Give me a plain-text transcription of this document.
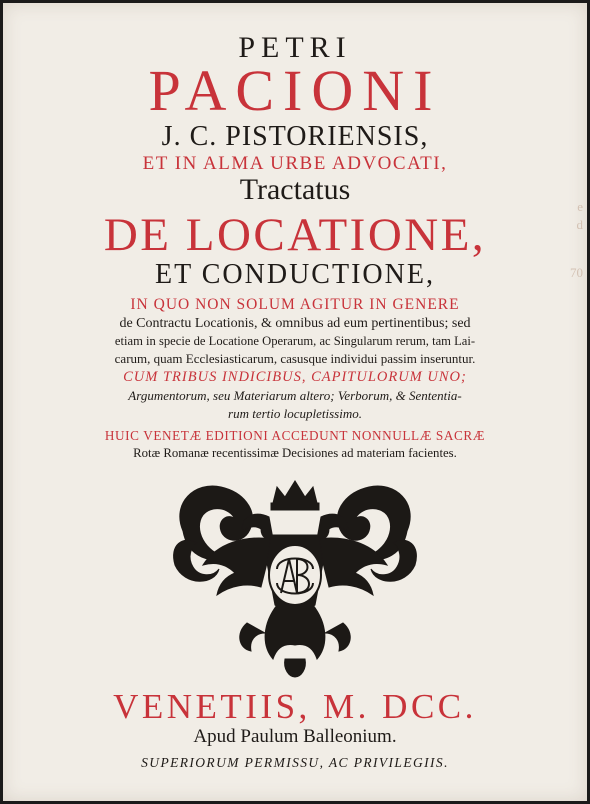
e
d
70
PETRI
PACIONI
J. C. PISTORIENSIS,
ET IN ALMA URBE ADVOCATI,
Tractatus
DE LOCATIONE,
ET CONDUCTIONE,
IN QUO NON SOLUM AGITUR IN GENERE
de Contractu Locationis, & omnibus ad eum pertinentibus; sed
etiam in specie de Locatione Operarum, ac Singularum rerum, tam Lai-
carum, quam Ecclesiasticarum, casusque individui passim inseruntur.
CUM TRIBUS INDICIBUS, CAPITULORUM UNO;
Argumentorum, seu Materiarum altero; Verborum, & Sententia-
rum tertio locupletissimo.
HUIC VENETÆ EDITIONI ACCEDUNT NONNULLÆ SACRÆ
Rotæ Romanæ recentissimæ Decisiones ad materiam facientes.
VENETIIS, M. DCC.
Apud Paulum Balleonium.
SUPERIORUM PERMISSU, AC PRIVILEGIIS.
